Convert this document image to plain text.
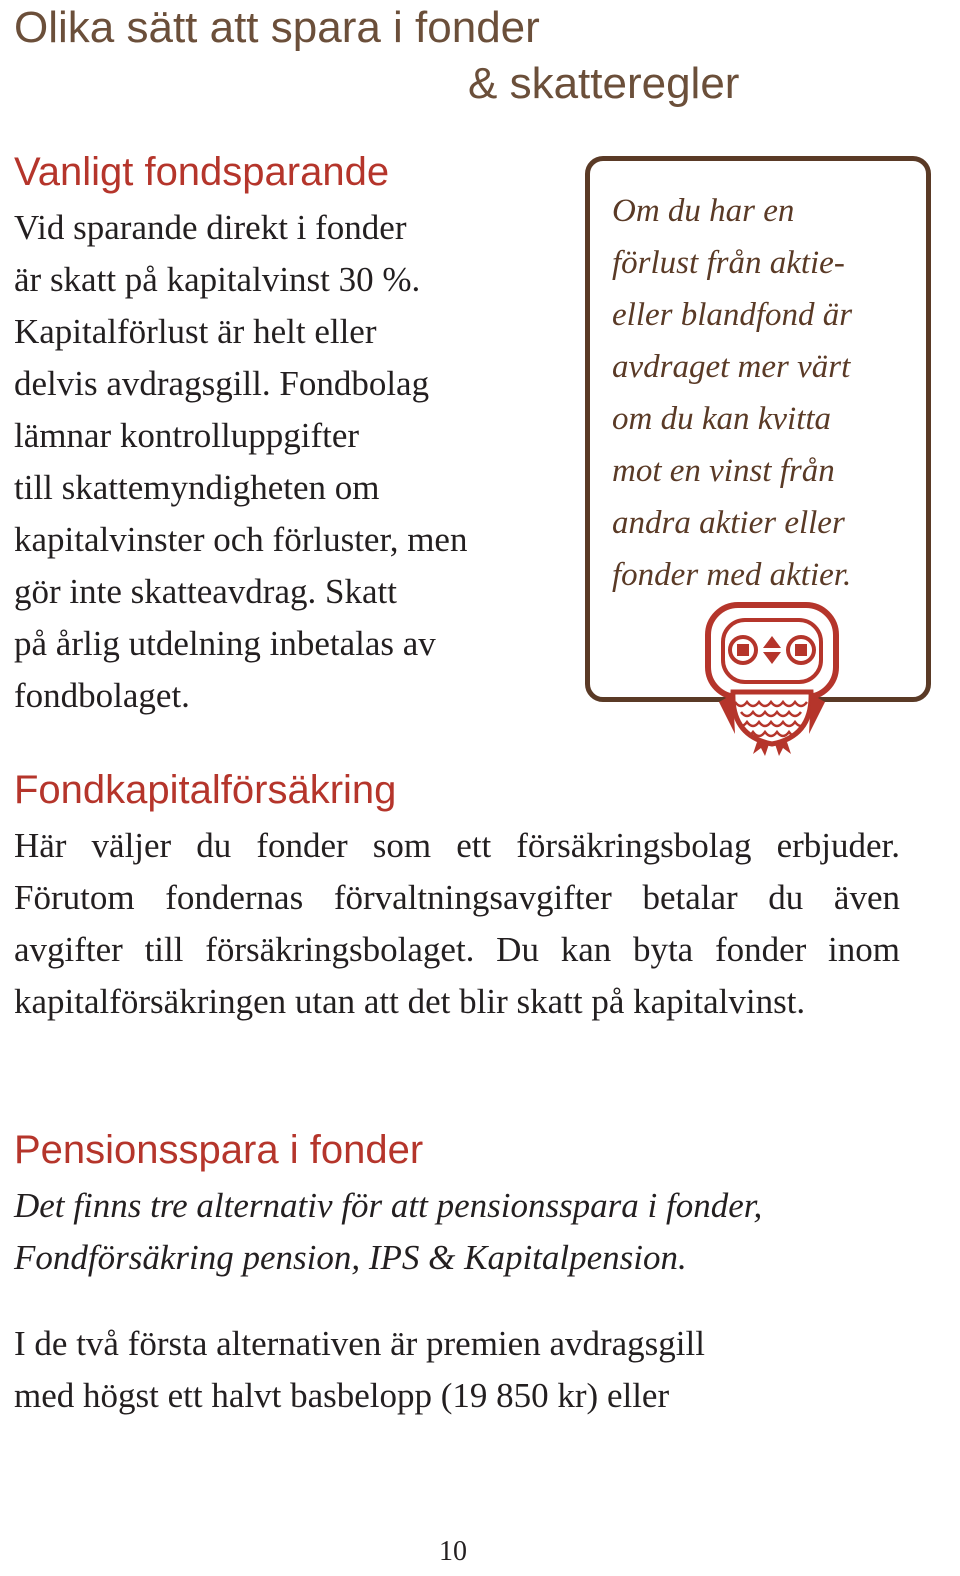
Olika sätt att spara i fonder
& skatteregler
Vanligt fondsparande

Vid sparande direkt i fonder
är skatt på kapitalvinst 30 %.
Kapitalförlust är helt eller
delvis avdragsgill. Fondbolag
lämnar kontrolluppgifter
till skattemyndigheten om
kapitalvinster och förluster, men
gör inte skatteavdrag. Skatt
på årlig utdelning inbetalas av
fondbolaget.

Om du har en
förlust från aktie-
eller blandfond är
avdraget mer värt
om du kan kvitta
mot en vinst från
andra aktier eller
fonder med aktier.

Fondkapitalförsäkring

Här väljer du fonder som ett försäkringsbolag erbjuder. Förutom fondernas förvaltningsavgifter betalar du även avgifter till försäkringsbolaget. Du kan byta fonder inom kapitalförsäkringen utan att det blir skatt på kapitalvinst.

Pensionsspara i fonder

Det finns tre alternativ för att pensionsspara i fonder,
Fondförsäkring pension, IPS & Kapitalpension.

I de två första alternativen är premien avdragsgill
med högst ett halvt basbelopp (19 850 kr) eller

10
